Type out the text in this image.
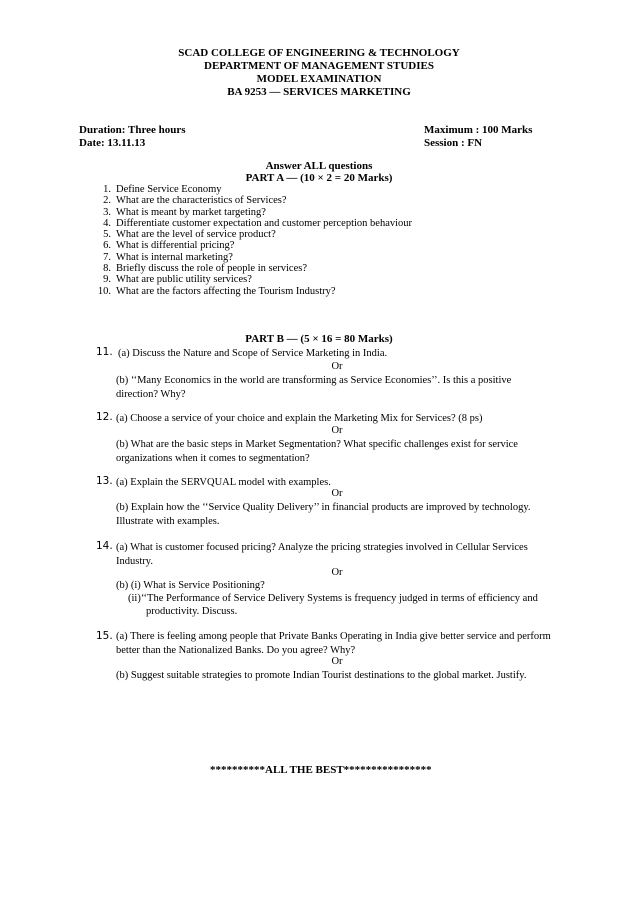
SCAD COLLEGE OF ENGINEERING & TECHNOLOGY
DEPARTMENT OF MANAGEMENT STUDIES
MODEL EXAMINATION
BA 9253 — SERVICES MARKETING
Duration: Three hours
Date: 13.11.13
Maximum : 100 Marks
Session : FN
Answer ALL questions
PART A — (10 × 2 = 20 Marks)
1. Define Service Economy
2. What are the characteristics of Services?
3. What is meant by market targeting?
4. Differentiate customer expectation and customer perception behaviour
5. What are the level of service product?
6. What is differential pricing?
7. What is internal marketing?
8. Briefly discuss the role of people in services?
9. What are public utility services?
10. What are the factors affecting the Tourism Industry?
PART B — (5 × 16 = 80 Marks)
11. (a) Discuss the Nature and Scope of Service Marketing in India.
Or
(b) ‘‘Many Economics in the world are transforming as Service Economies’’. Is this a positive direction? Why?
12. (a) Choose a service of your choice and explain the Marketing Mix for Services? (8 ps)
Or
(b) What are the basic steps in Market Segmentation? What specific challenges exist for service organizations when it comes to segmentation?
13. (a) Explain the SERVQUAL model with examples.
Or
(b) Explain how the ‘‘Service Quality Delivery’’ in financial products are improved by technology. Illustrate with examples.
14. (a) What is customer focused pricing? Analyze the pricing strategies involved in Cellular Services Industry.
Or
(b) (i) What is Service Positioning?
(ii)‘‘The Performance of Service Delivery Systems is frequency judged in terms of efficiency and
productivity. Discuss.
15. (a) There is feeling among people that Private Banks Operating in India give better service and perform better than the Nationalized Banks. Do you agree? Why?
Or
(b) Suggest suitable strategies to promote Indian Tourist destinations to the global market. Justify.
**********ALL THE BEST****************
